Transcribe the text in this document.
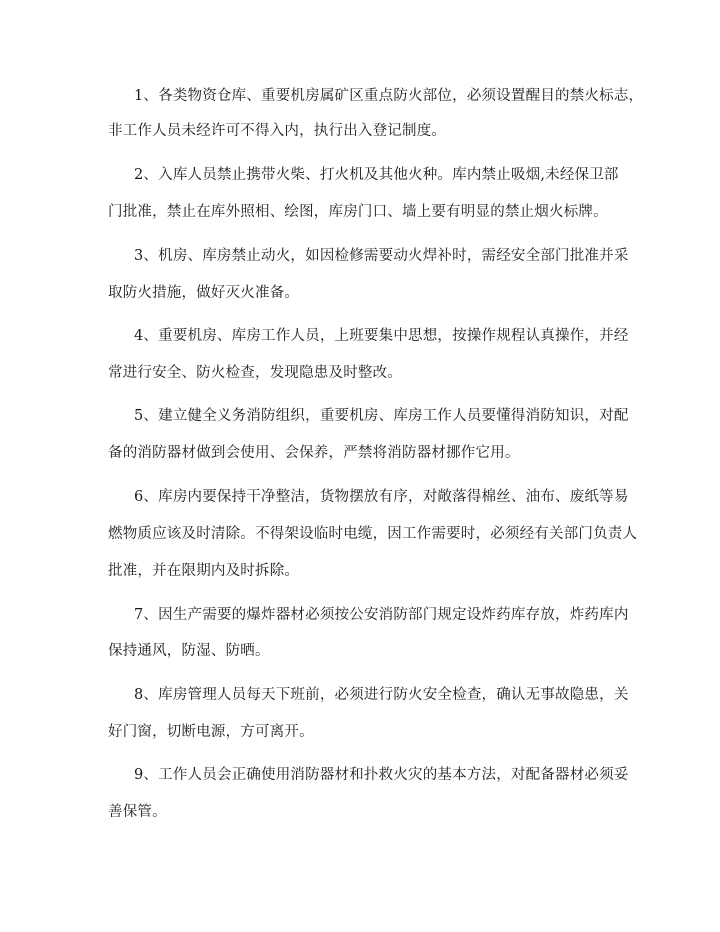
1、各类物资仓库、重要机房属矿区重点防火部位，必须设置醒目的禁火标志，
非工作人员未经许可不得入内，执行出入登记制度。
2、入库人员禁止携带火柴、打火机及其他火种。库内禁止吸烟,未经保卫部
门批准，禁止在库外照相、绘图，库房门口、墙上要有明显的禁止烟火标牌。
3、机房、库房禁止动火，如因检修需要动火焊补时，需经安全部门批准并采
取防火措施，做好灭火准备。
4、重要机房、库房工作人员，上班要集中思想，按操作规程认真操作，并经
常进行安全、防火检查，发现隐患及时整改。
5、建立健全义务消防组织，重要机房、库房工作人员要懂得消防知识，对配
备的消防器材做到会使用、会保养，严禁将消防器材挪作它用。
6、库房内要保持干净整洁，货物摆放有序，对敞落得棉丝、油布、废纸等易
燃物质应该及时清除。不得架设临时电缆，因工作需要时，必须经有关部门负责人
批准，并在限期内及时拆除。
7、因生产需要的爆炸器材必须按公安消防部门规定设炸药库存放，炸药库内
保持通风，防湿、防晒。
8、库房管理人员每天下班前，必须进行防火安全检查，确认无事故隐患，关
好门窗，切断电源，方可离开。
9、工作人员会正确使用消防器材和扑救火灾的基本方法，对配备器材必须妥
善保管。
